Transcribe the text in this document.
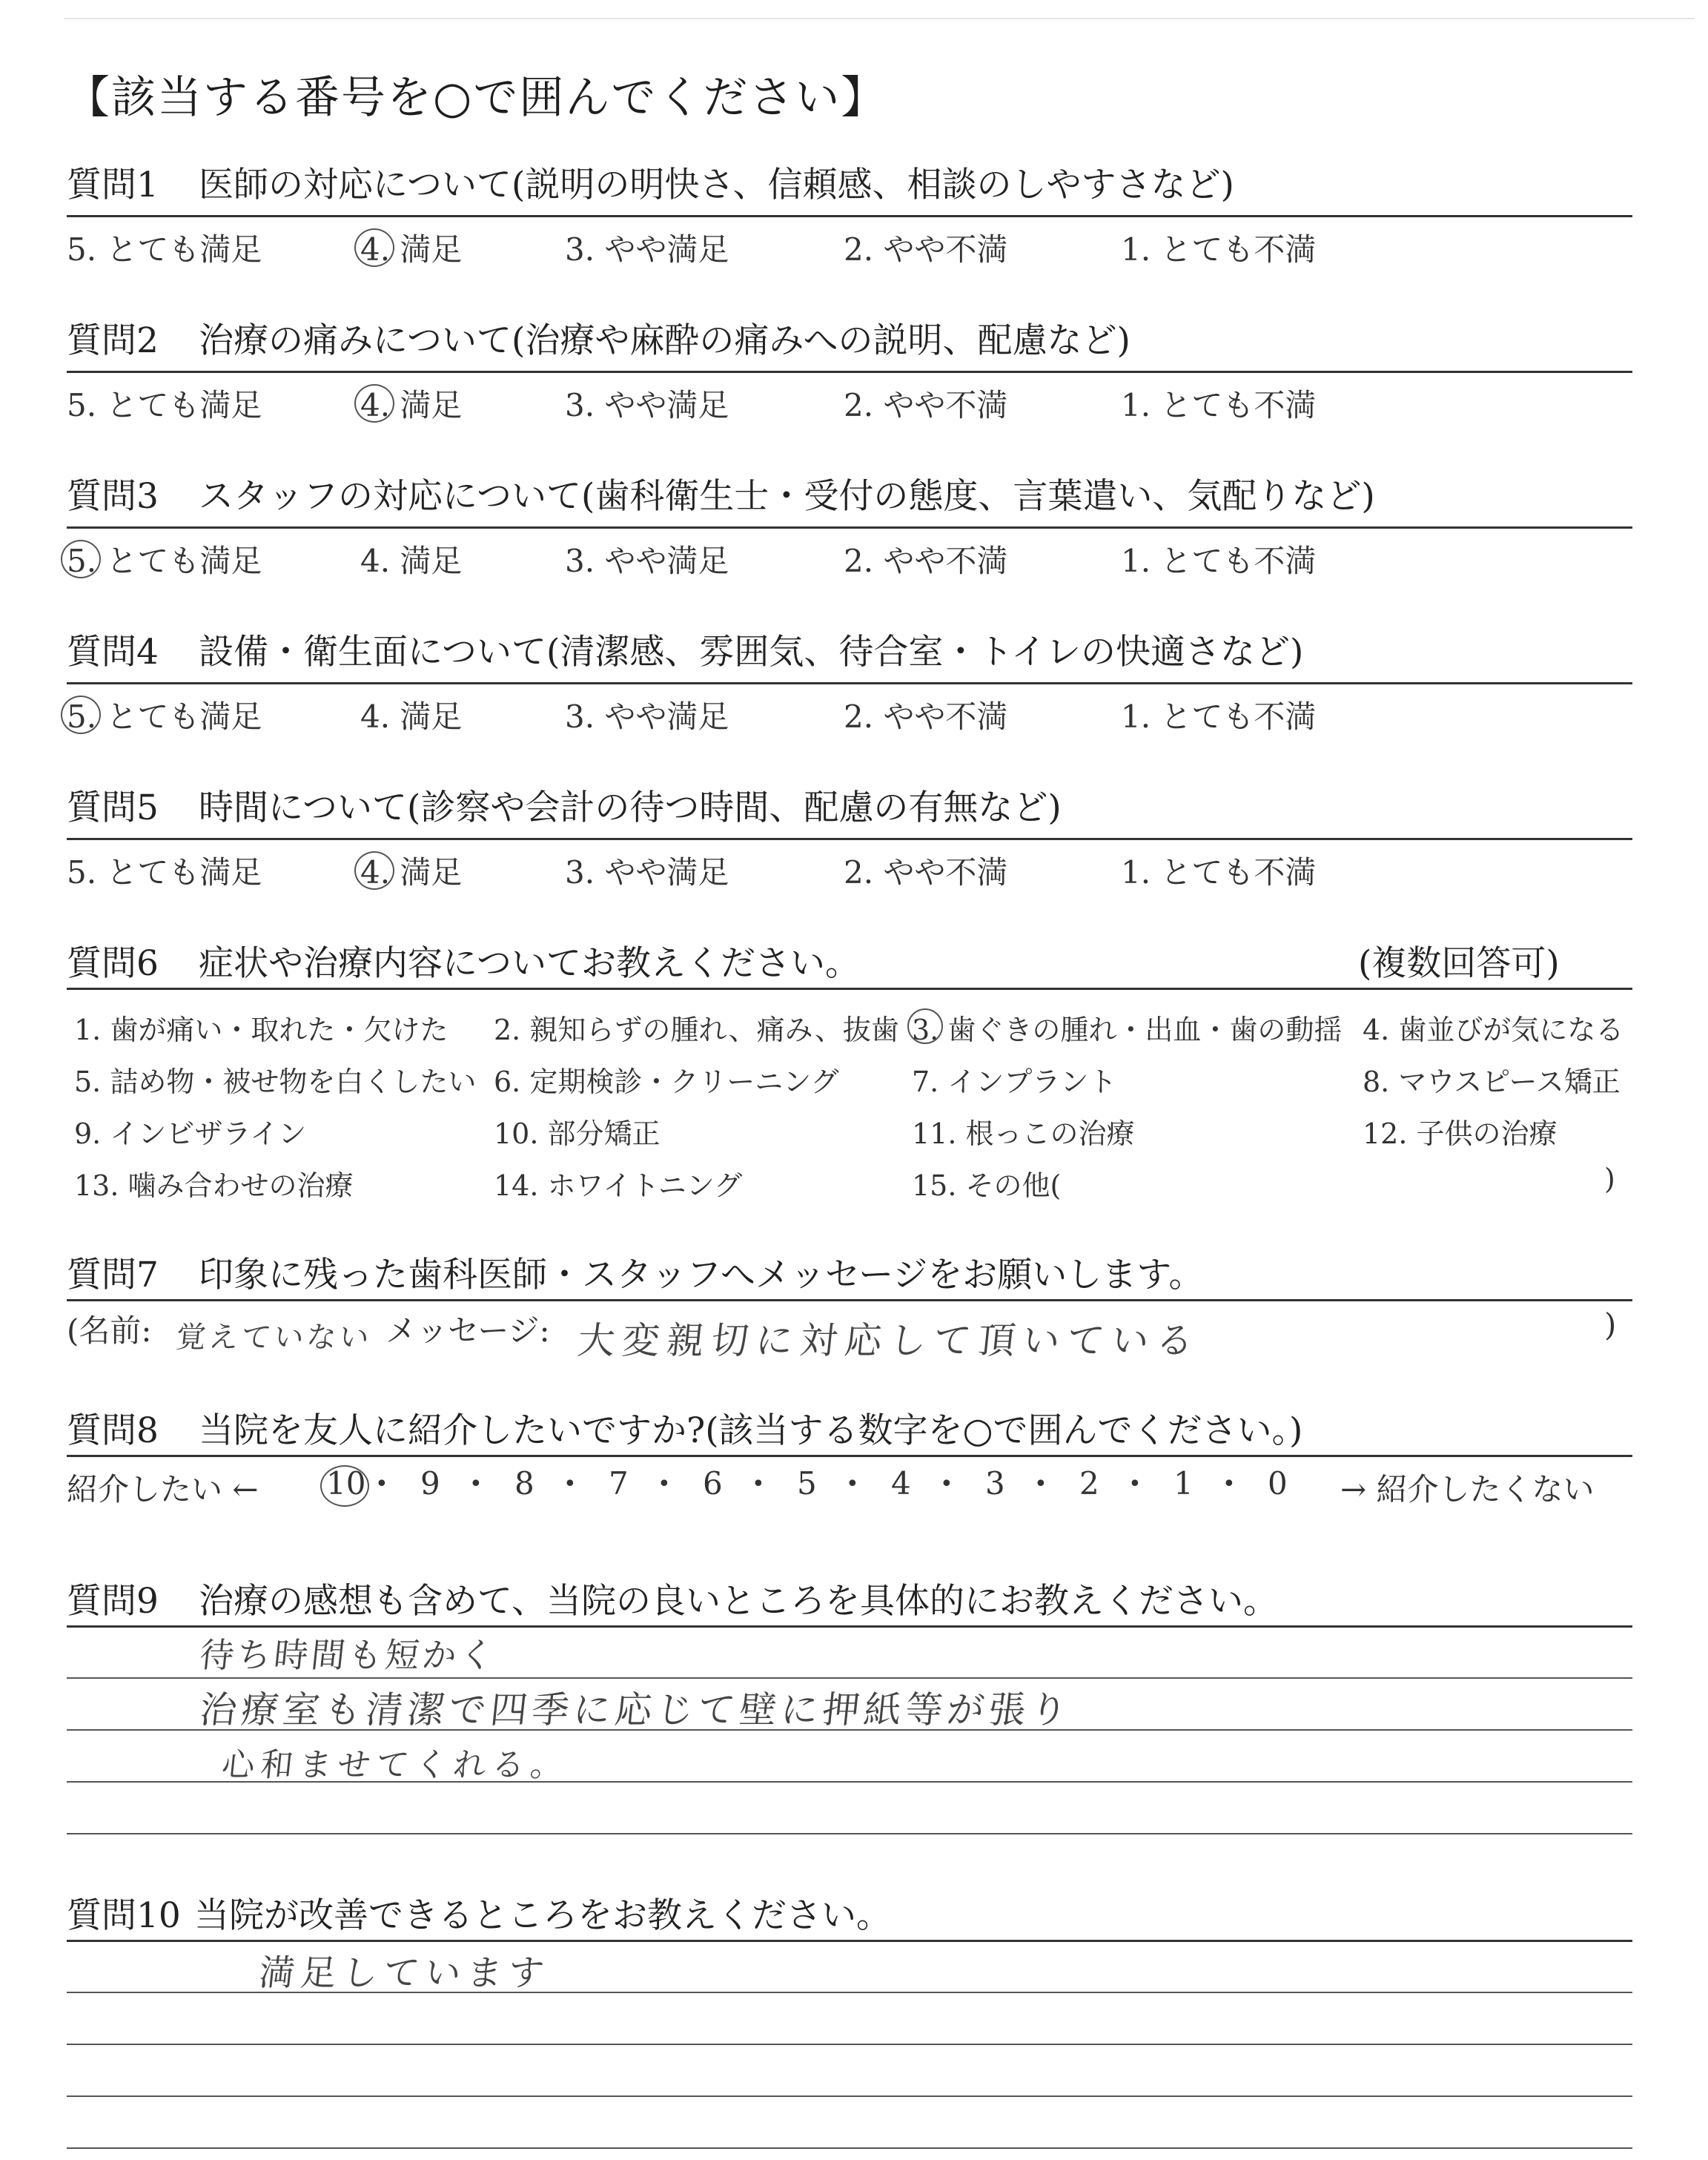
【該当する番号を○で囲んでください】
質問1 医師の対応について(説明の明快さ、信頼感、相談のしやすさなど)
5. とても満足	4. 満足	3. やや満足	2. やや不満	1. とても不満
質問2 治療の痛みについて(治療や麻酔の痛みへの説明、配慮など)
5. とても満足	4. 満足	3. やや満足	2. やや不満	1. とても不満
質問3 スタッフの対応について(歯科衛生士・受付の態度、言葉遣い、気配りなど)
5. とても満足	4. 満足	3. やや満足	2. やや不満	1. とても不満
質問4 設備・衛生面について(清潔感、雰囲気、待合室・トイレの快適さなど)
5. とても満足	4. 満足	3. やや満足	2. やや不満	1. とても不満
質問5 時間について(診察や会計の待つ時間、配慮の有無など)
5. とても満足	4. 満足	3. やや満足	2. やや不満	1. とても不満
質問6 症状や治療内容についてお教えください。	(複数回答可)
1. 歯が痛い・取れた・欠けた 2. 親知らずの腫れ、痛み、抜歯 3. 歯ぐきの腫れ・出血・歯の動揺 4. 歯並びが気になる
5. 詰め物・被せ物を白くしたい 6. 定期検診・クリーニング	7. インプラント	8. マウスピース矯正
9. インビザライン	10. 部分矯正	11. 根っこの治療	12. 子供の治療
13. 噛み合わせの治療	14. ホワイトニング	15. その他(	)
質問7 印象に残った歯科医師・スタッフへメッセージをお願いします。
(名前: 覚えていない メッセージ: 大変親切に対応して頂いている	)
質問8 当院を友人に紹介したいですか?(該当する数字を○で囲んでください。)
紹介したい ←	→ 紹介したくない
10 • 9 • 8 • 7 • 6 • 5 • 4 • 3 • 2 • 1 • 0
質問9 治療の感想も含めて、当院の良いところを具体的にお教えください。
待ち時間も短かく
治療室も清潔で四季に応じて壁に押紙等が張り
心和ませてくれる。
質問10 当院が改善できるところをお教えください。
満足しています
